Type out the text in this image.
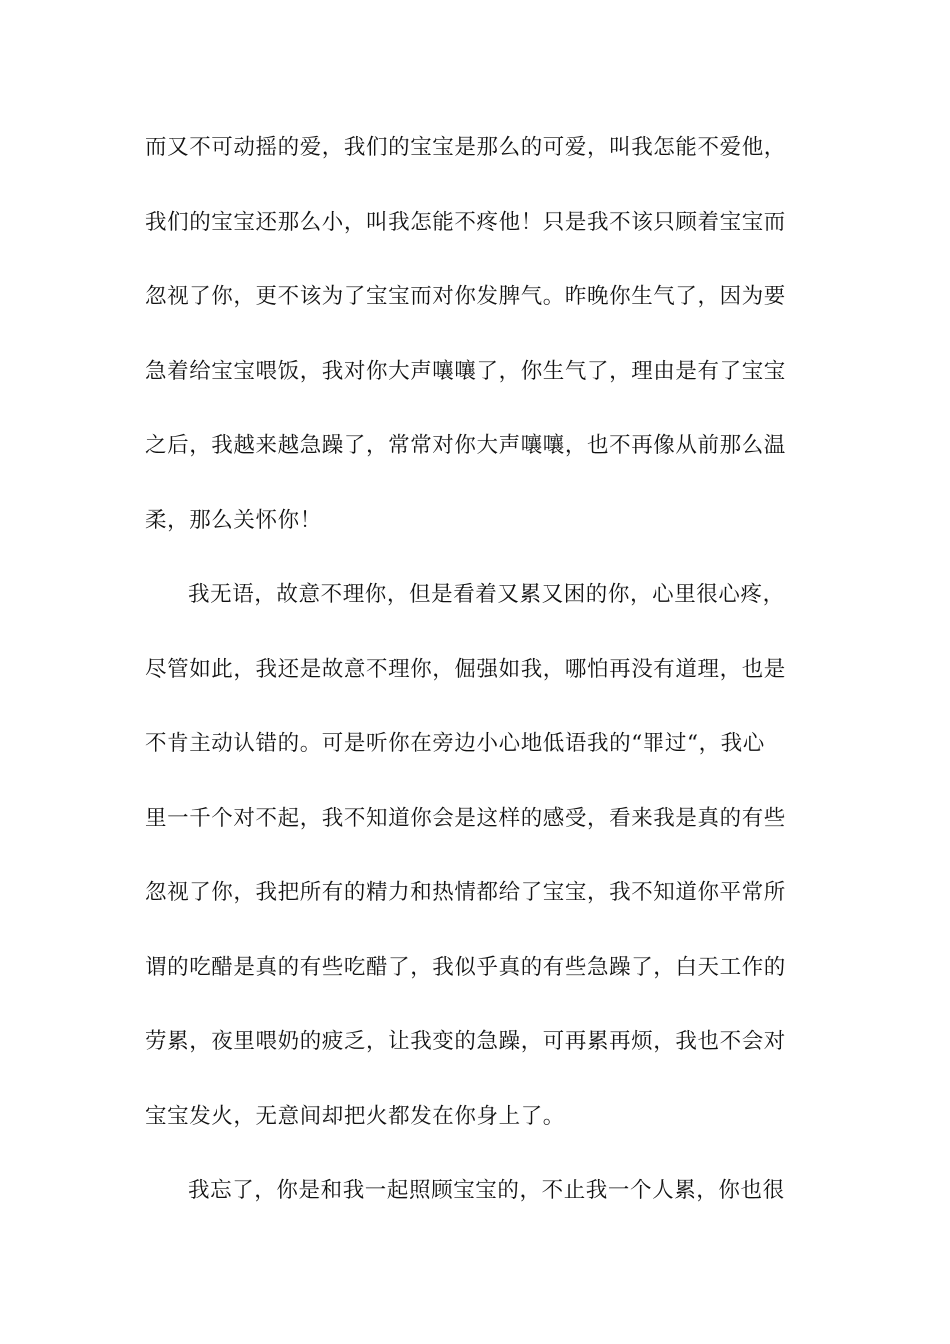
而又不可动摇的爱，我们的宝宝是那么的可爱，叫我怎能不爱他，
我们的宝宝还那么小，叫我怎能不疼他！只是我不该只顾着宝宝而
忽视了你，更不该为了宝宝而对你发脾气。昨晚你生气了，因为要
急着给宝宝喂饭，我对你大声嚷嚷了，你生气了，理由是有了宝宝
之后，我越来越急躁了，常常对你大声嚷嚷，也不再像从前那么温
柔，那么关怀你！
我无语，故意不理你，但是看着又累又困的你，心里很心疼，
尽管如此，我还是故意不理你，倔强如我，哪怕再没有道理，也是
不肯主动认错的。可是听你在旁边小心地低语我的“罪过“，我心
里一千个对不起，我不知道你会是这样的感受，看来我是真的有些
忽视了你，我把所有的精力和热情都给了宝宝，我不知道你平常所
谓的吃醋是真的有些吃醋了，我似乎真的有些急躁了，白天工作的
劳累，夜里喂奶的疲乏，让我变的急躁，可再累再烦，我也不会对
宝宝发火，无意间却把火都发在你身上了。
我忘了，你是和我一起照顾宝宝的，不止我一个人累，你也很
